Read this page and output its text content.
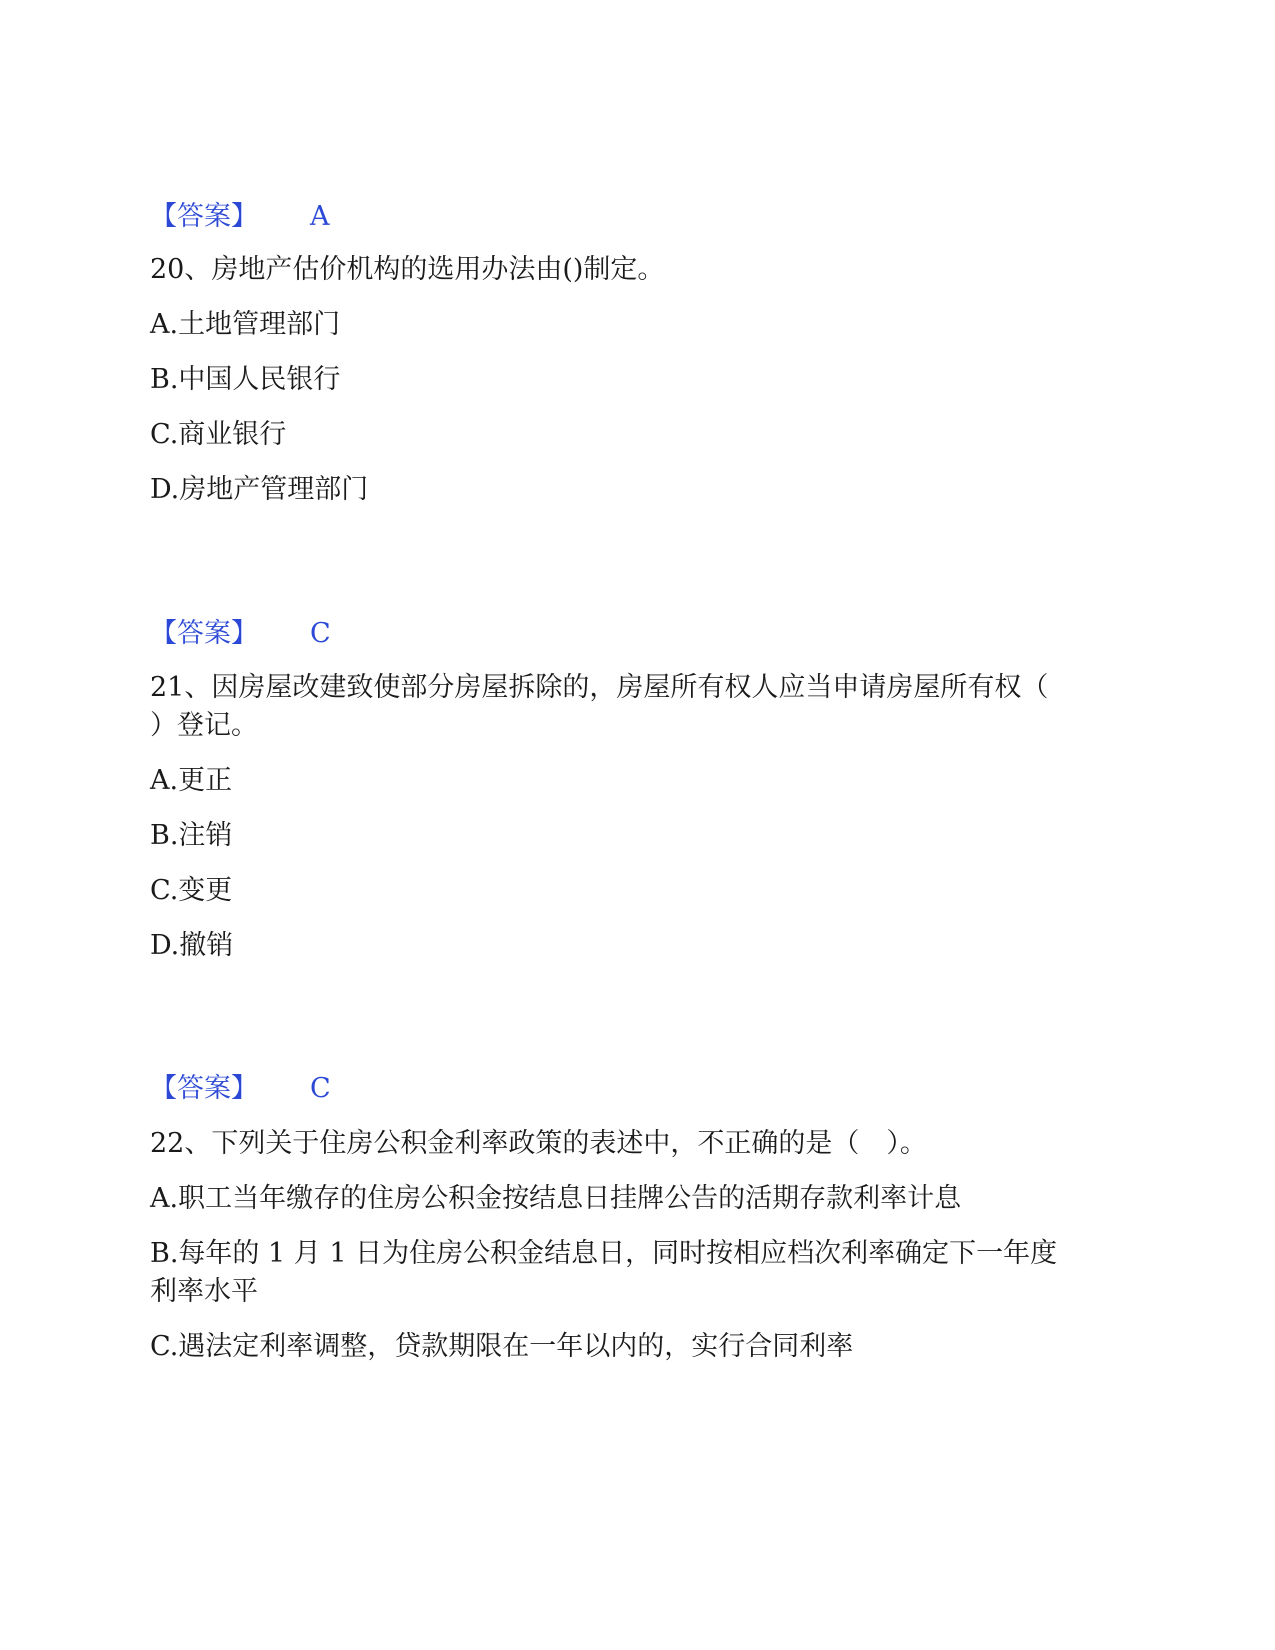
【答案】 A
20、房地产估价机构的选用办法由()制定。
A.土地管理部门
B.中国人民银行
C.商业银行
D.房地产管理部门
【答案】 C
21、因房屋改建致使部分房屋拆除的，房屋所有权人应当申请房屋所有权（
）登记。
A.更正
B.注销
C.变更
D.撤销
【答案】 C
22、下列关于住房公积金利率政策的表述中，不正确的是（　）。
A.职工当年缴存的住房公积金按结息日挂牌公告的活期存款利率计息
B.每年的 1 月 1 日为住房公积金结息日，同时按相应档次利率确定下一年度
利率水平
C.遇法定利率调整，贷款期限在一年以内的，实行合同利率
